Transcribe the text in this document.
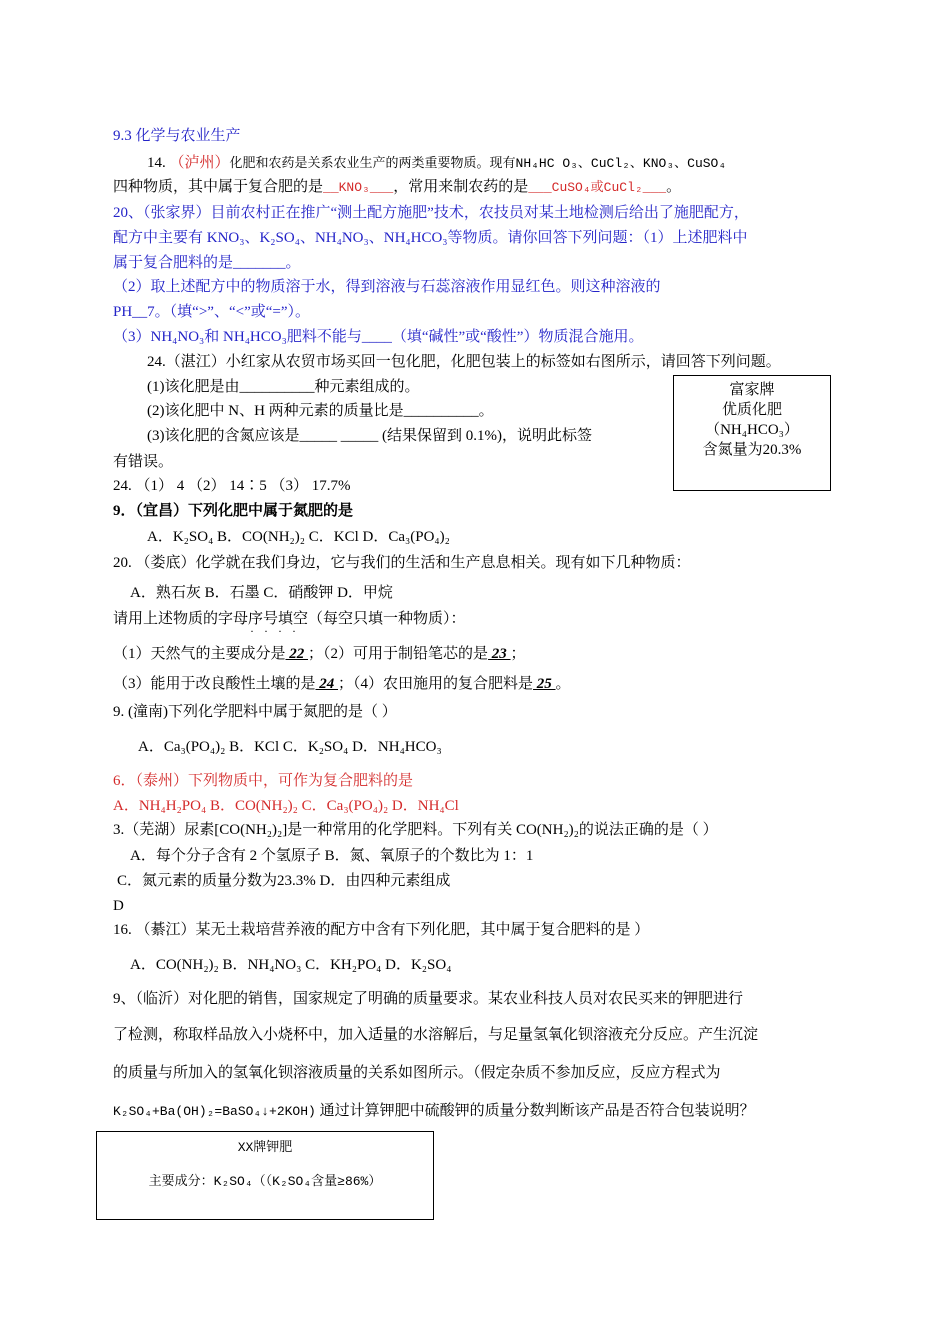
9.3 化学与农业生产
14. （泸州）化肥和农药是关系农业生产的两类重要物质。现有NH₄HC O₃、CuCl₂、KNO₃、CuSO₄
四种物质，其中属于复合肥的是__KNO₃___，常用来制农药的是___CuSO₄或CuCl₂___。
20、（张家界）目前农村正在推广“测土配方施肥”技术，农技员对某土地检测后给出了施肥配方，
配方中主要有 KNO₃、K₂SO₄、NH₄NO₃、NH₄HCO₃等物质。请你回答下列问题：（1）上述肥料中
属于复合肥料的是_______。
（2）取上述配方中的物质溶于水，得到溶液与石蕊溶液作用显红色。则这种溶液的
PH__7。（填“>”、“<”或“=”）。
（3）NH₄NO₃和 NH₄HCO₃肥料不能与____（填“碱性”或“酸性”）物质混合施用。
24.（湛江）小红家从农贸市场买回一包化肥，化肥包装上的标签如右图所示，请回答下列问题。
(1)该化肥是由__________种元素组成的。
(2)该化肥中 N、H 两种元素的质量比是__________。
(3)该化肥的含氮应该是_____ _____ (结果保留到 0.1%)，说明此标签
有错误。
富家牌
优质化肥
（NH₄HCO₃）
含氮量为20.3%
24. （1） 4 （2） 14∶5 （3） 17.7%
9．（宜昌）下列化肥中属于氮肥的是
A．K₂SO₄ B．CO(NH₂)₂ C．KCl D．Ca₃(PO₄)₂
20. （娄底）化学就在我们身边，它与我们的生活和生产息息相关。现有如下几种物质：
A．熟石灰 B．石墨 C．硝酸钾 D．甲烷
请用上述物质的字母序号填空（每空只填一种物质）：
····
（1）天然气的主要成分是 22 ；（2）可用于制铅笔芯的是 23 ；
（3）能用于改良酸性土壤的是 24 ；（4）农田施用的复合肥料是 25 。
9. (潼南)下列化学肥料中属于氮肥的是（ ）
A．Ca₃(PO₄)₂ B．KCl C．K₂SO₄ D．NH₄HCO₃
6．（泰州）下列物质中，可作为复合肥料的是
A．NH₄H₂PO₄ B．CO(NH₂)₂ C．Ca₃(PO₄)₂ D．NH₄Cl
3.（芜湖）尿素[CO(NH₂)₂]是一种常用的化学肥料。下列有关 CO(NH₂)₂的说法正确的是（ ）
A．每个分子含有 2 个氢原子 B．氮、氧原子的个数比为 1：1
C．氮元素的质量分数为23.3% D．由四种元素组成
D
16. （綦江）某无土栽培营养液的配方中含有下列化肥，其中属于复合肥料的是 ）
A．CO(NH₂)₂ B．NH₄NO₃ C．KH₂PO₄ D．K₂SO₄
9、（临沂）对化肥的销售，国家规定了明确的质量要求。某农业科技人员对农民买来的钾肥进行
了检测，称取样品放入小烧杯中，加入适量的水溶解后，与足量氢氧化钡溶液充分反应。产生沉淀
的质量与所加入的氢氧化钡溶液质量的关系如图所示。（假定杂质不参加反应，反应方程式为
K₂SO₄+Ba(OH)₂=BaSO₄↓+2KOH) 通过计算钾肥中硫酸钾的质量分数判断该产品是否符合包装说明？
XX牌钾肥
主要成分：K₂SO₄（（K₂SO₄含量≥86%）
